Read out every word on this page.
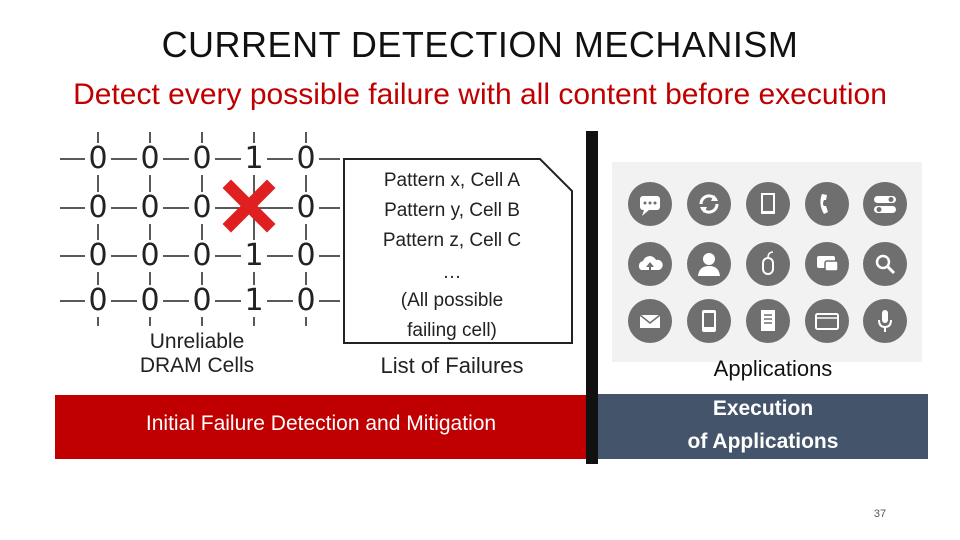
CURRENT DETECTION MECHANISM
Detect every possible failure with all content before execution
0 0 0 1 0
0 0 0	0
0 0 0 1 0
0 0 0 1 0
Unreliable
DRAM Cells
Pattern x, Cell A
Pattern y, Cell B
Pattern z, Cell C
…
(All possible
failing cell)
List of Failures
Initial Failure Detection and Mitigation
Execution
of Applications
Applications
37
